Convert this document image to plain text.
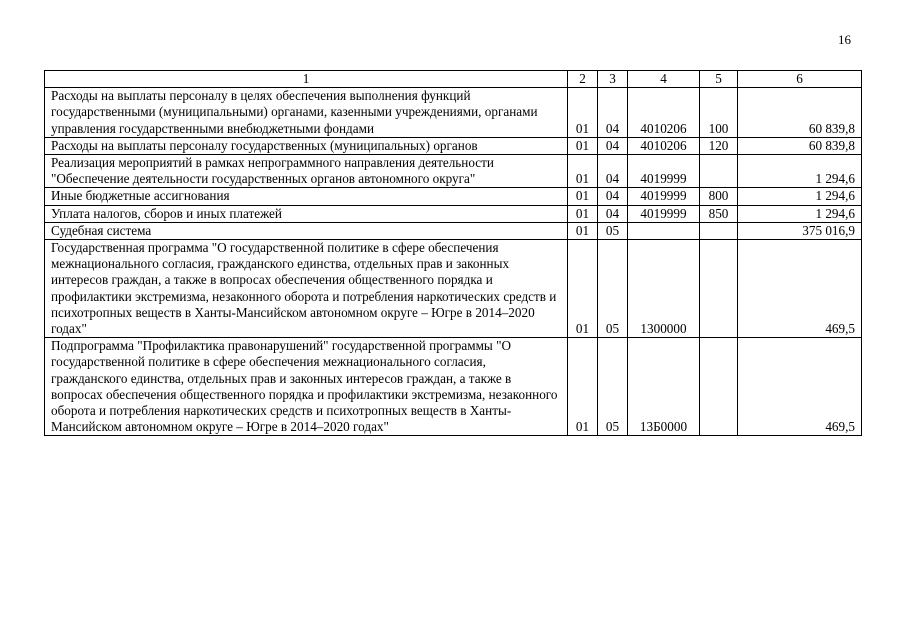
16
1	2	3	4	5	6
Расходы на выплаты персоналу в целях обеспечения выполнения функций государственными (муниципальными) органами, казенными учреждениями, органами управления государственными внебюджетными фондами	01	04	4010206	100	60 839,8
Расходы на выплаты персоналу государственных (муниципальных) органов	01	04	4010206	120	60 839,8
Реализация мероприятий в рамках непрограммного направления деятельности "Обеспечение деятельности государственных органов автономного округа"	01	04	4019999		1 294,6
Иные бюджетные ассигнования	01	04	4019999	800	1 294,6
Уплата налогов, сборов и иных платежей	01	04	4019999	850	1 294,6
Судебная система	01	05			375 016,9
Государственная программа "О государственной политике в сфере обеспечения межнационального согласия, гражданского единства, отдельных прав и законных интересов граждан, а также в вопросах обеспечения общественного порядка и профилактики экстремизма, незаконного оборота и потребления наркотических средств и психотропных веществ в Ханты-Мансийском автономном округе – Югре в 2014–2020 годах"	01	05	1300000		469,5
Подпрограмма "Профилактика правонарушений" государственной программы "О государственной политике в сфере обеспечения межнационального согласия, гражданского единства, отдельных прав и законных интересов граждан, а также в вопросах обеспечения общественного порядка и профилактики экстремизма, незаконного оборота и потребления наркотических средств и психотропных веществ в Ханты-Мансийском автономном округе – Югре в 2014–2020 годах"	01	05	13Б0000		469,5
